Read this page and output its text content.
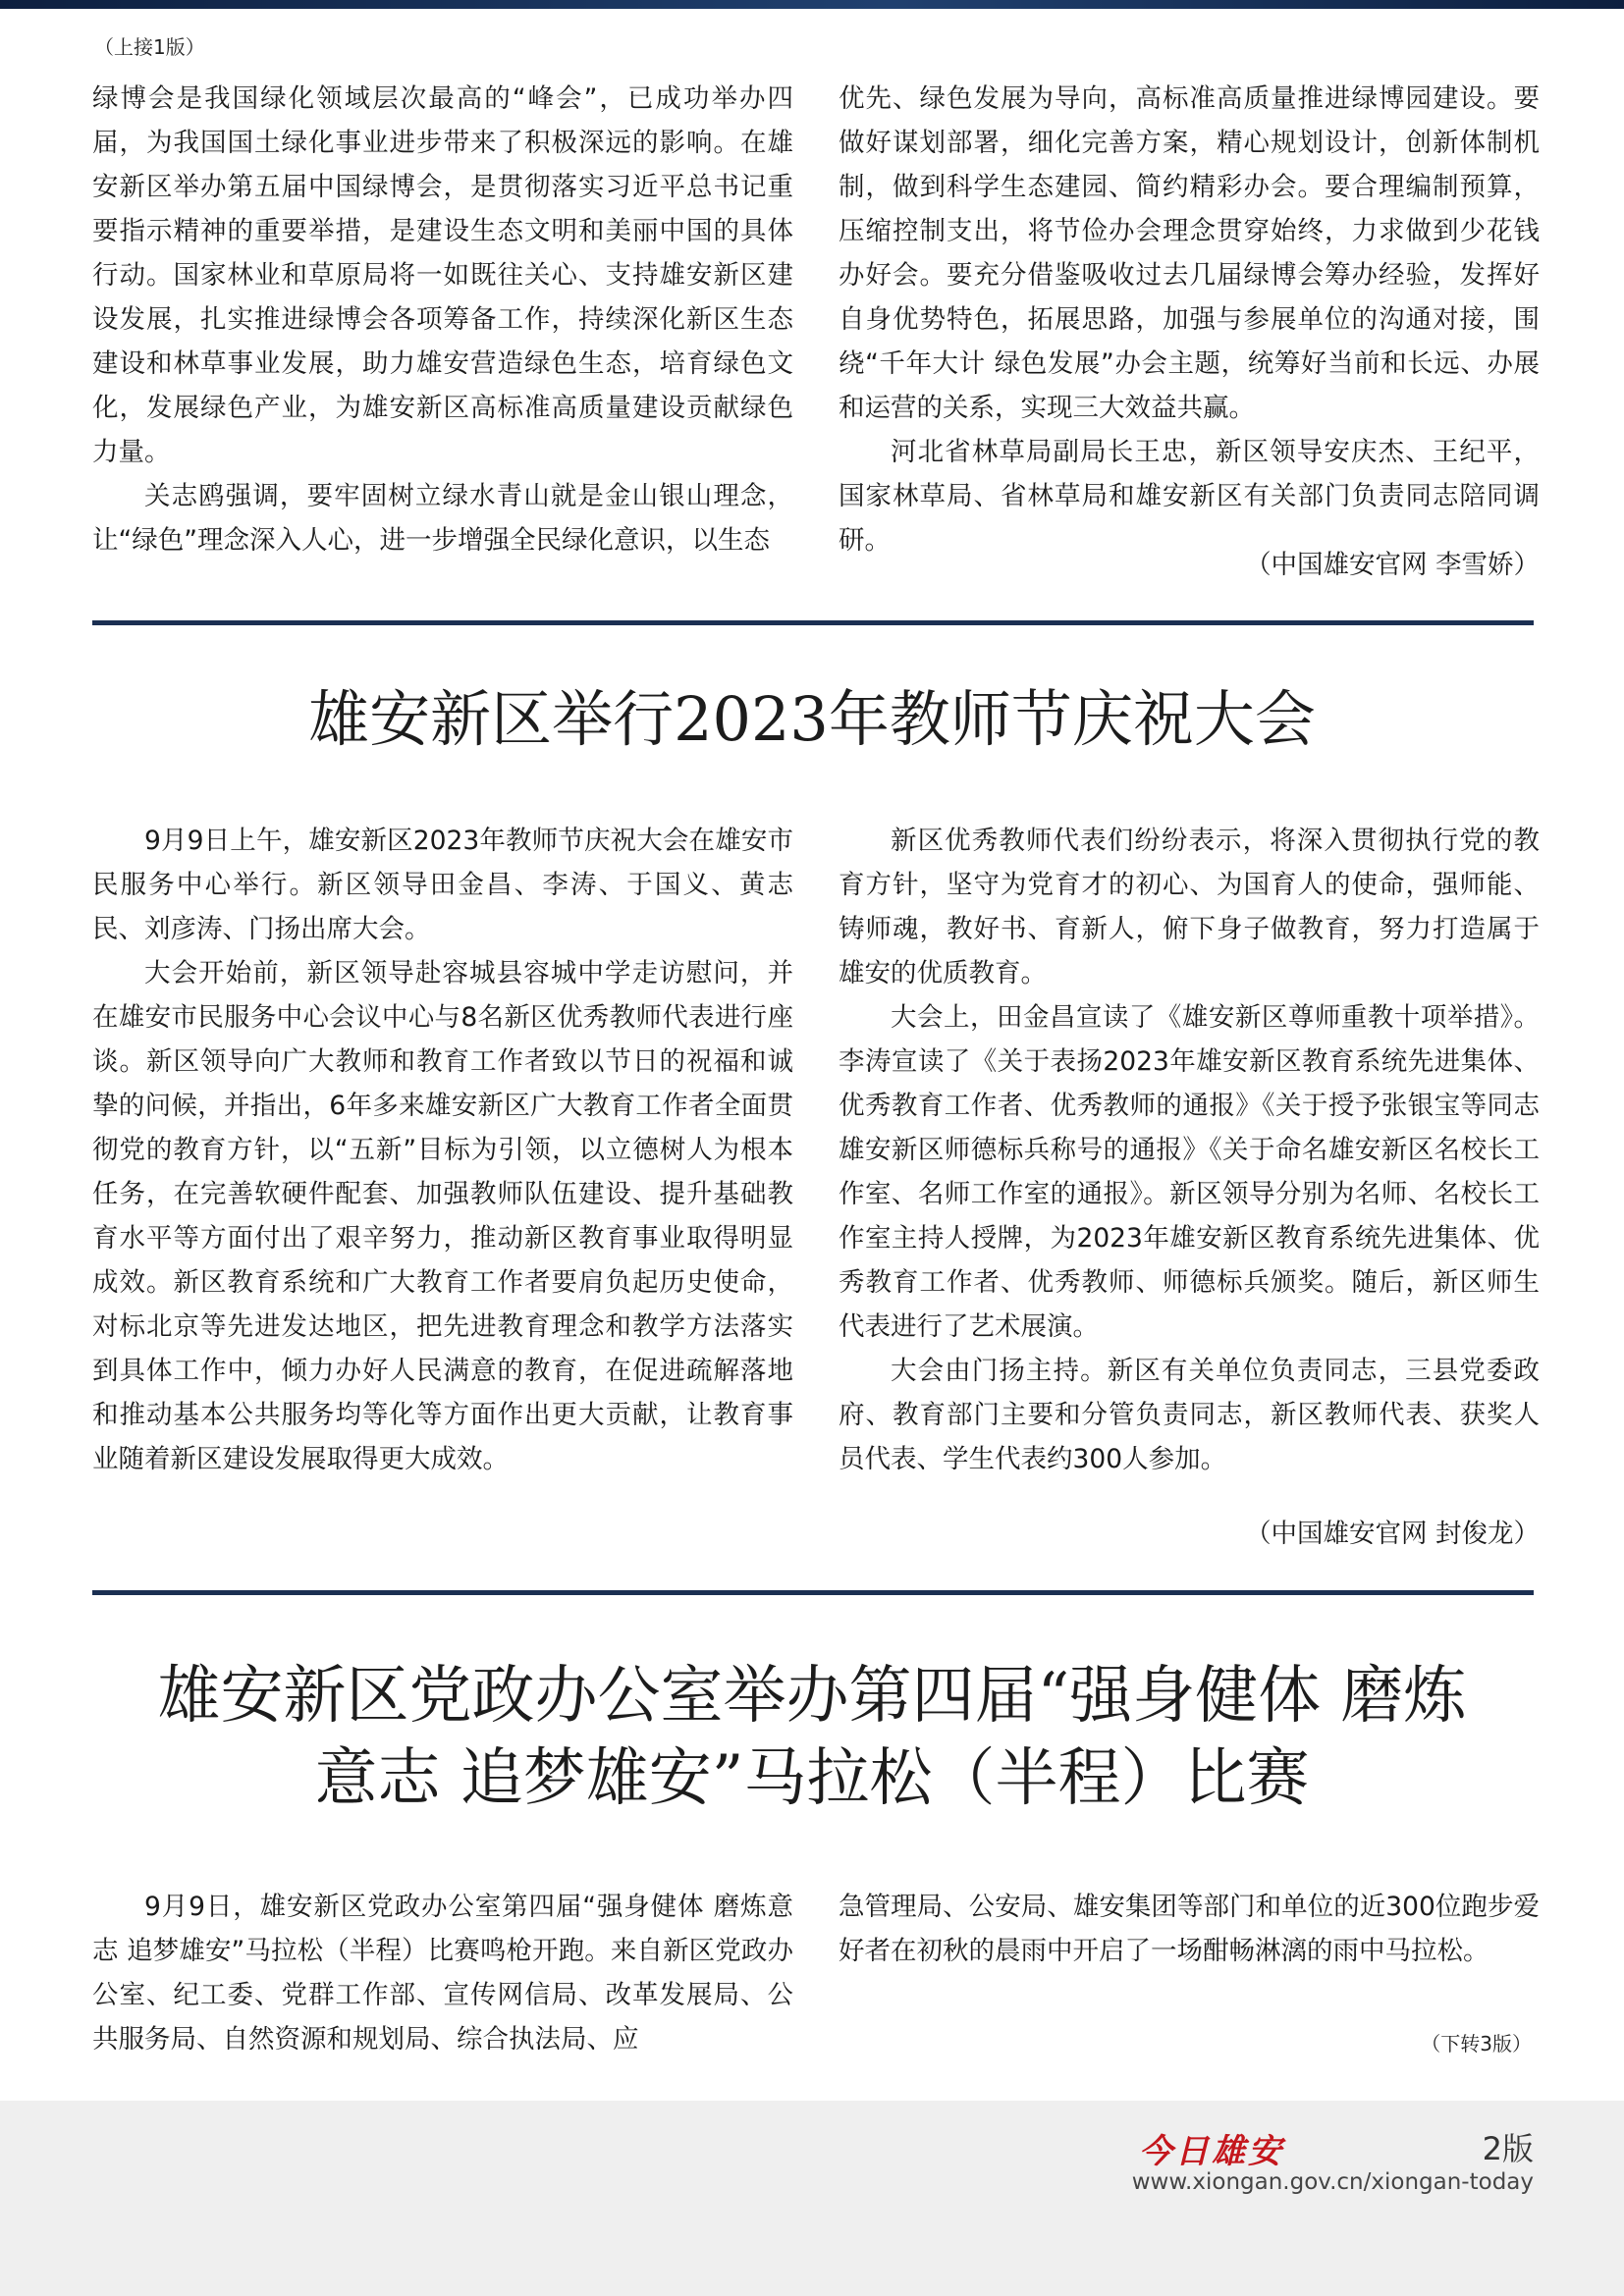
（上接1版）

绿博会是我国绿化领域层次最高的“峰会”，已成功举办四届，为我国国土绿化事业进步带来了积极深远的影响。在雄安新区举办第五届中国绿博会，是贯彻落实习近平总书记重要指示精神的重要举措，是建设生态文明和美丽中国的具体行动。国家林业和草原局将一如既往关心、支持雄安新区建设发展，扎实推进绿博会各项筹备工作，持续深化新区生态建设和林草事业发展，助力雄安营造绿色生态，培育绿色文化，发展绿色产业，为雄安新区高标准高质量建设贡献绿色力量。

关志鸥强调，要牢固树立绿水青山就是金山银山理念，让“绿色”理念深入人心，进一步增强全民绿化意识，以生态

优先、绿色发展为导向，高标准高质量推进绿博园建设。要做好谋划部署，细化完善方案，精心规划设计，创新体制机制，做到科学生态建园、简约精彩办会。要合理编制预算，压缩控制支出，将节俭办会理念贯穿始终，力求做到少花钱办好会。要充分借鉴吸收过去几届绿博会筹办经验，发挥好自身优势特色，拓展思路，加强与参展单位的沟通对接，围绕“千年大计 绿色发展”办会主题，统筹好当前和长远、办展和运营的关系，实现三大效益共赢。

河北省林草局副局长王忠，新区领导安庆杰、王纪平，国家林草局、省林草局和雄安新区有关部门负责同志陪同调研。

（中国雄安官网 李雪娇）
雄安新区举行2023年教师节庆祝大会

9月9日上午，雄安新区2023年教师节庆祝大会在雄安市民服务中心举行。新区领导田金昌、李涛、于国义、黄志民、刘彦涛、门扬出席大会。

大会开始前，新区领导赴容城县容城中学走访慰问，并在雄安市民服务中心会议中心与8名新区优秀教师代表进行座谈。新区领导向广大教师和教育工作者致以节日的祝福和诚挚的问候，并指出，6年多来雄安新区广大教育工作者全面贯彻党的教育方针，以“五新”目标为引领，以立德树人为根本任务，在完善软硬件配套、加强教师队伍建设、提升基础教育水平等方面付出了艰辛努力，推动新区教育事业取得明显成效。新区教育系统和广大教育工作者要肩负起历史使命，对标北京等先进发达地区，把先进教育理念和教学方法落实到具体工作中，倾力办好人民满意的教育，在促进疏解落地和推动基本公共服务均等化等方面作出更大贡献，让教育事业随着新区建设发展取得更大成效。

新区优秀教师代表们纷纷表示，将深入贯彻执行党的教育方针，坚守为党育才的初心、为国育人的使命，强师能、铸师魂，教好书、育新人，俯下身子做教育，努力打造属于雄安的优质教育。

大会上，田金昌宣读了《雄安新区尊师重教十项举措》。李涛宣读了《关于表扬2023年雄安新区教育系统先进集体、优秀教育工作者、优秀教师的通报》《关于授予张银宝等同志雄安新区师德标兵称号的通报》《关于命名雄安新区名校长工作室、名师工作室的通报》。新区领导分别为名师、名校长工作室主持人授牌，为2023年雄安新区教育系统先进集体、优秀教育工作者、优秀教师、师德标兵颁奖。随后，新区师生代表进行了艺术展演。

大会由门扬主持。新区有关单位负责同志，三县党委政府、教育部门主要和分管负责同志，新区教师代表、获奖人员代表、学生代表约300人参加。

（中国雄安官网 封俊龙）
雄安新区党政办公室举办第四届“强身健体 磨炼
意志 追梦雄安”马拉松（半程）比赛

9月9日，雄安新区党政办公室第四届“强身健体 磨炼意志 追梦雄安”马拉松（半程）比赛鸣枪开跑。来自新区党政办公室、纪工委、党群工作部、宣传网信局、改革发展局、公共服务局、自然资源和规划局、综合执法局、应

急管理局、公安局、雄安集团等部门和单位的近300位跑步爱好者在初秋的晨雨中开启了一场酣畅淋漓的雨中马拉松。

（下转3版）
今日雄安	2版
www.xiongan.gov.cn/xiongan-today
